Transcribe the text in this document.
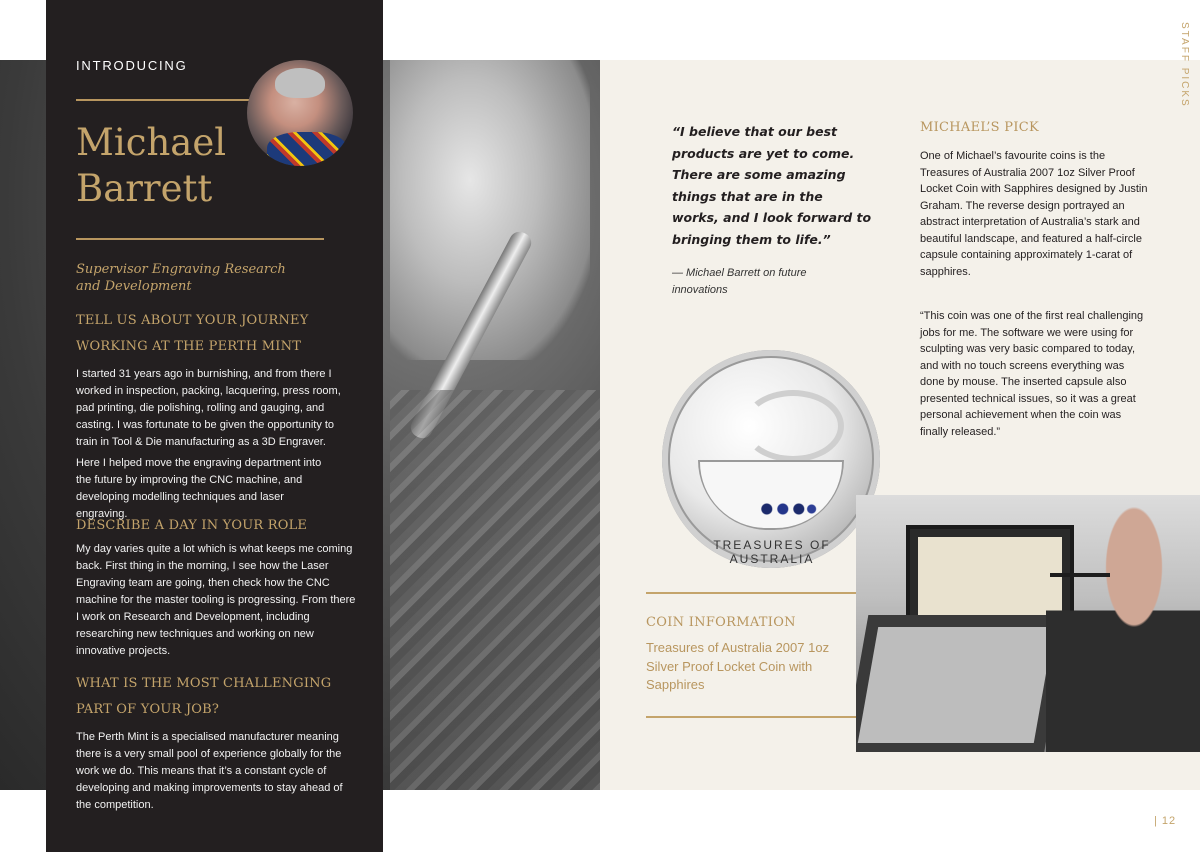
INTRODUCING
Michael
Barrett
Supervisor Engraving Research and Development
TELL US ABOUT YOUR JOURNEY WORKING AT THE PERTH MINT
I started 31 years ago in burnishing, and from there I worked in inspection, packing, lacquering, press room, pad printing, die polishing, rolling and gauging, and casting. I was fortunate to be given the opportunity to train in Tool & Die manufacturing as a 3D Engraver.
Here I helped move the engraving department into the future by improving the CNC machine, and developing modelling techniques and laser engraving.
DESCRIBE A DAY IN YOUR ROLE
My day varies quite a lot which is what keeps me coming back. First thing in the morning, I see how the Laser Engraving team are going, then check how the CNC machine for the master tooling is progressing. From there I work on Research and Development, including researching new techniques and working on new innovative projects.
WHAT IS THE MOST CHALLENGING PART OF YOUR JOB?
The Perth Mint is a specialised manufacturer meaning there is a very small pool of experience globally for the work we do. This means that it’s a constant cycle of developing and making improvements to stay ahead of the competition.
“I believe that our best products are yet to come. There are some amazing things that are in the works, and I look forward to bringing them to life.”
— Michael Barrett on future innovations
MICHAEL’S PICK
One of Michael’s favourite coins is the Treasures of Australia 2007 1oz Silver Proof Locket Coin with Sapphires designed by Justin Graham. The reverse design portrayed an abstract interpretation of Australia’s stark and beautiful landscape, and featured a half-circle capsule containing approximately 1-carat of sapphires.
“This coin was one of the first real challenging jobs for me. The software we were using for sculpting was very basic compared to today, and with no touch screens everything was done by mouse. The inserted capsule also presented technical issues, so it was a great personal achievement when the coin was finally released.”
STAFF PICKS
TREASURES OF AUSTRALIA
COIN INFORMATION
Treasures of Australia 2007 1oz Silver Proof Locket Coin with Sapphires
| 12
